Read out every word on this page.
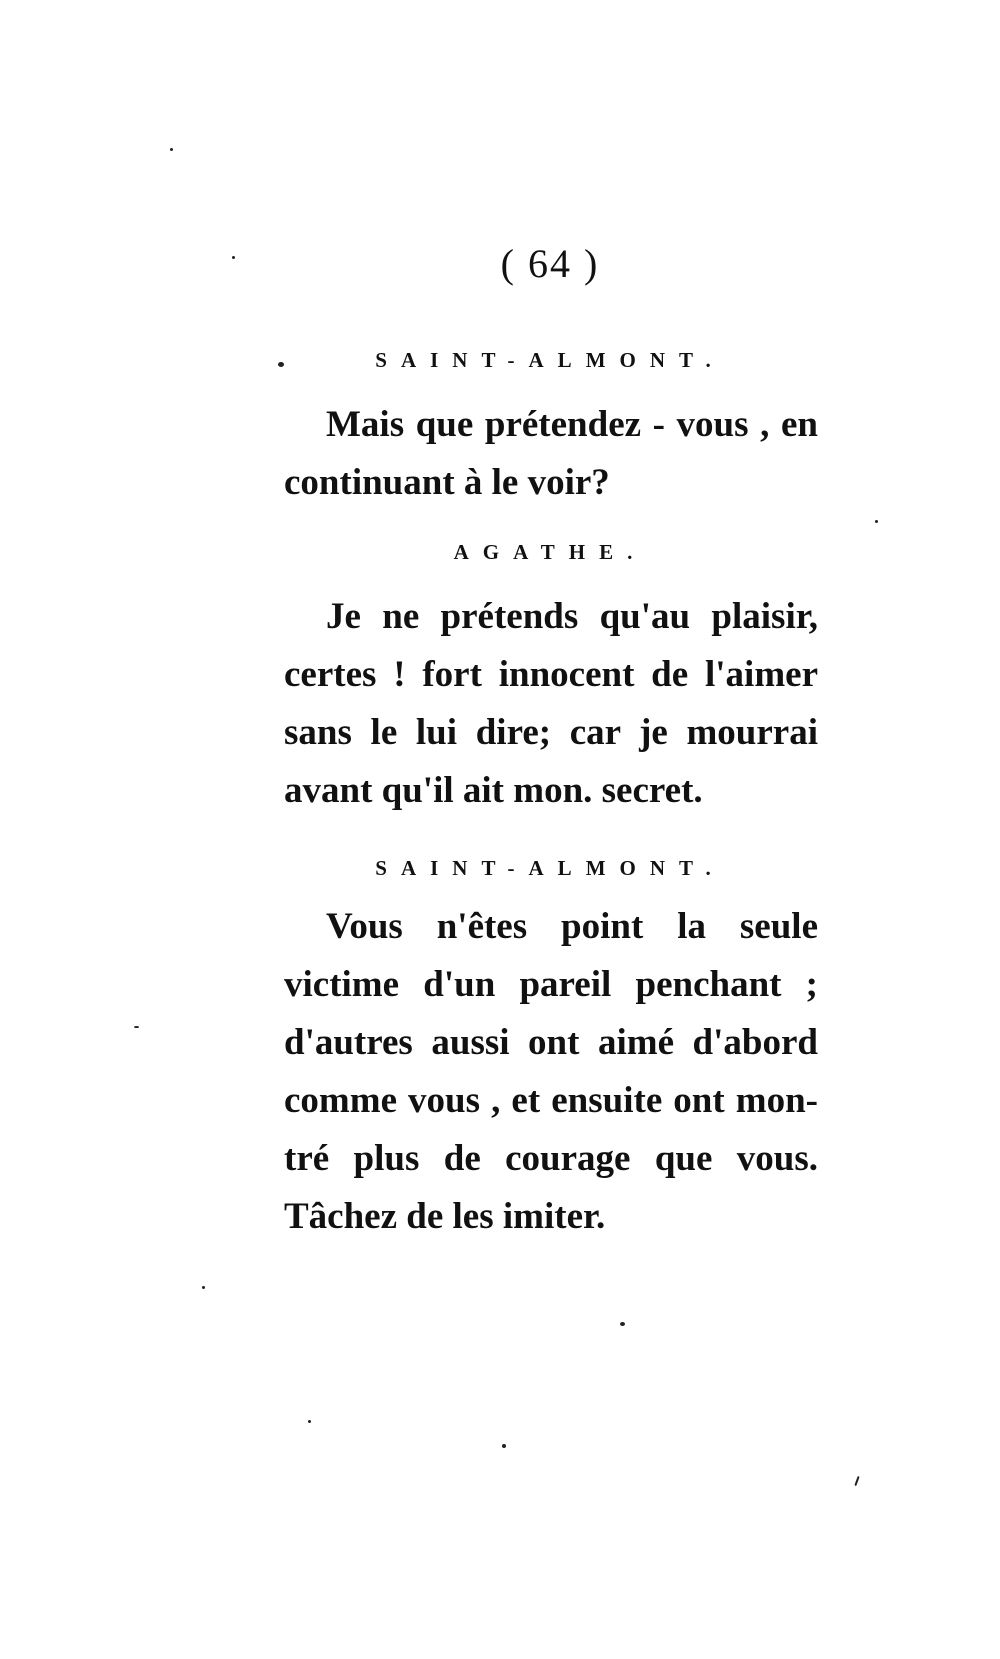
( 64 )
SAINT-ALMONT.
Mais que prétendez - vous , en
continuant à le voir?
AGATHE.
Je ne prétends qu'au plaisir,
certes ! fort innocent de l'aimer
sans le lui dire; car je mourrai
avant qu'il ait mon. secret.
SAINT-ALMONT.
Vous n'êtes point la seule
victime d'un pareil penchant ;
d'autres aussi ont aimé d'abord
comme vous , et ensuite ont mon-
tré plus de courage que vous.
Tâchez de les imiter.
